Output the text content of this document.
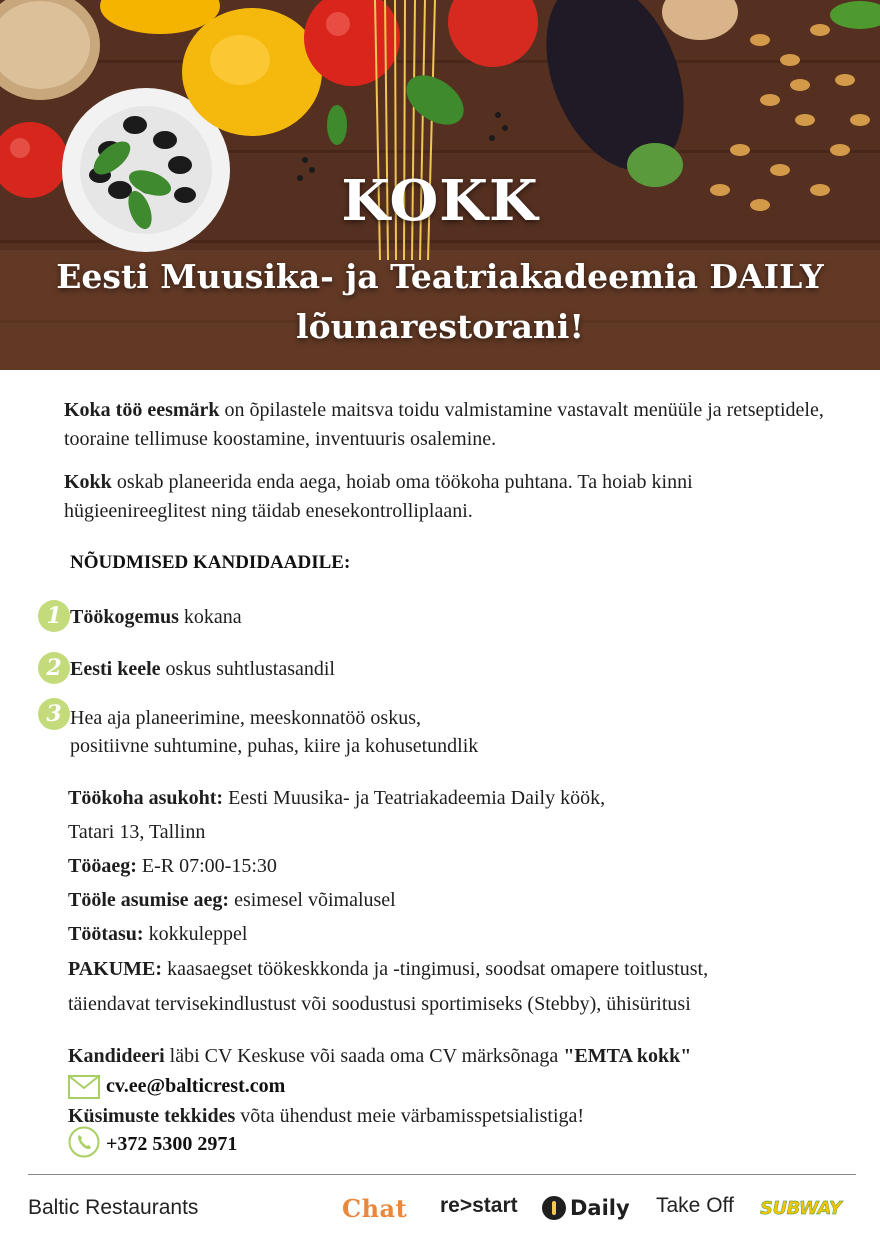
KOKK
Eesti Muusika- ja Teatriakadeemia DAILY
lõunarestorani!

Koka töö eesmärk on õpilastele maitsva toidu valmistamine vastavalt menüüle ja retseptidele, tooraine tellimuse koostamine, inventuuris osalemine.

Kokk oskab planeerida enda aega, hoiab oma töökoha puhtana. Ta hoiab kinni hügieenireeglitest ning täidab enesekontrolliplaani.

NÕUDMISED KANDIDAADILE:
1 Töökogemus kokana
2 Eesti keele oskus suhtlustasandil
3 Hea aja planeerimine, meeskonnatöö oskus,
positiivne suhtumine, puhas, kiire ja kohusetundlik
Töökoha asukoht: Eesti Muusika- ja Teatriakadeemia Daily köök,
Tatari 13, Tallinn
Tööaeg: E-R 07:00-15:30
Tööle asumise aeg: esimesel võimalusel
Töötasu: kokkuleppel
PAKUME: kaasaegset töökeskkonda ja -tingimusi, soodsat omapere toitlustust,
täiendavat tervisekindlustust või soodustusi sportimiseks (Stebby), ühisüritusi
Kandideeri läbi CV Keskuse või saada oma CV märksõnaga "EMTA kokk"
cv.ee@balticrest.com
Küsimuste tekkides võta ühendust meie värbamisspetsialistiga!
+372 5300 2971
Baltic Restaurants	Chat re>start Daily Take Off SUBWAY
